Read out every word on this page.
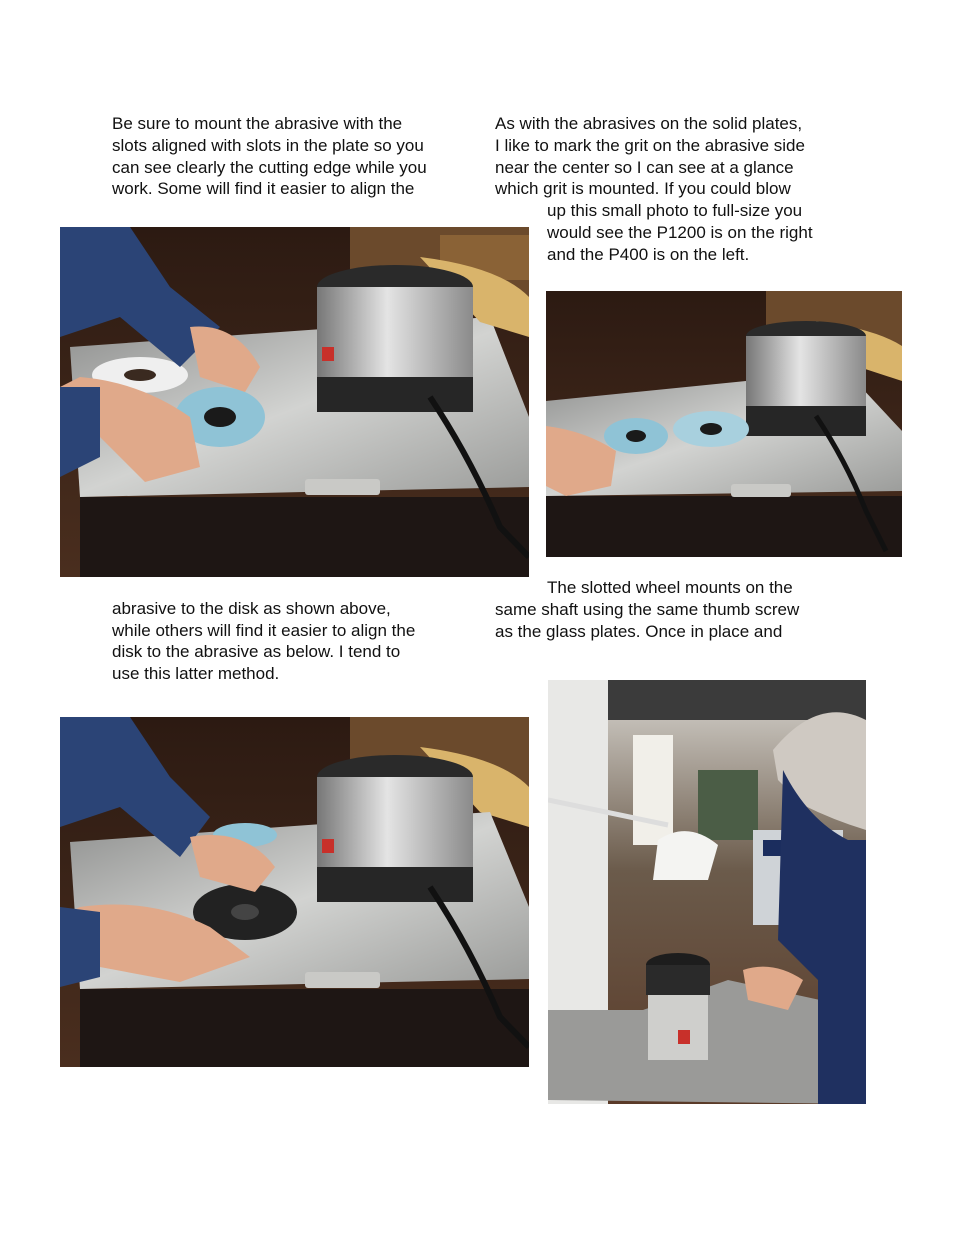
Be sure to mount the abrasive with the

slots aligned with slots in the plate so you

can see clearly the cutting edge while you

work. Some will find it easier to align the

As with the abrasives on the solid plates,

I like to mark the grit on the abrasive side

near the center so I can see at a glance

which grit is mounted. If you could blow

up this small photo to full-size you

would see the P1200 is on the right

and the P400 is on the left.

abrasive to the disk as shown above,

while others will find it easier to align the

disk to the abrasive as below. I tend to

use this latter method.

The slotted wheel mounts on the

same shaft using the same thumb screw

as the glass plates. Once in place and
